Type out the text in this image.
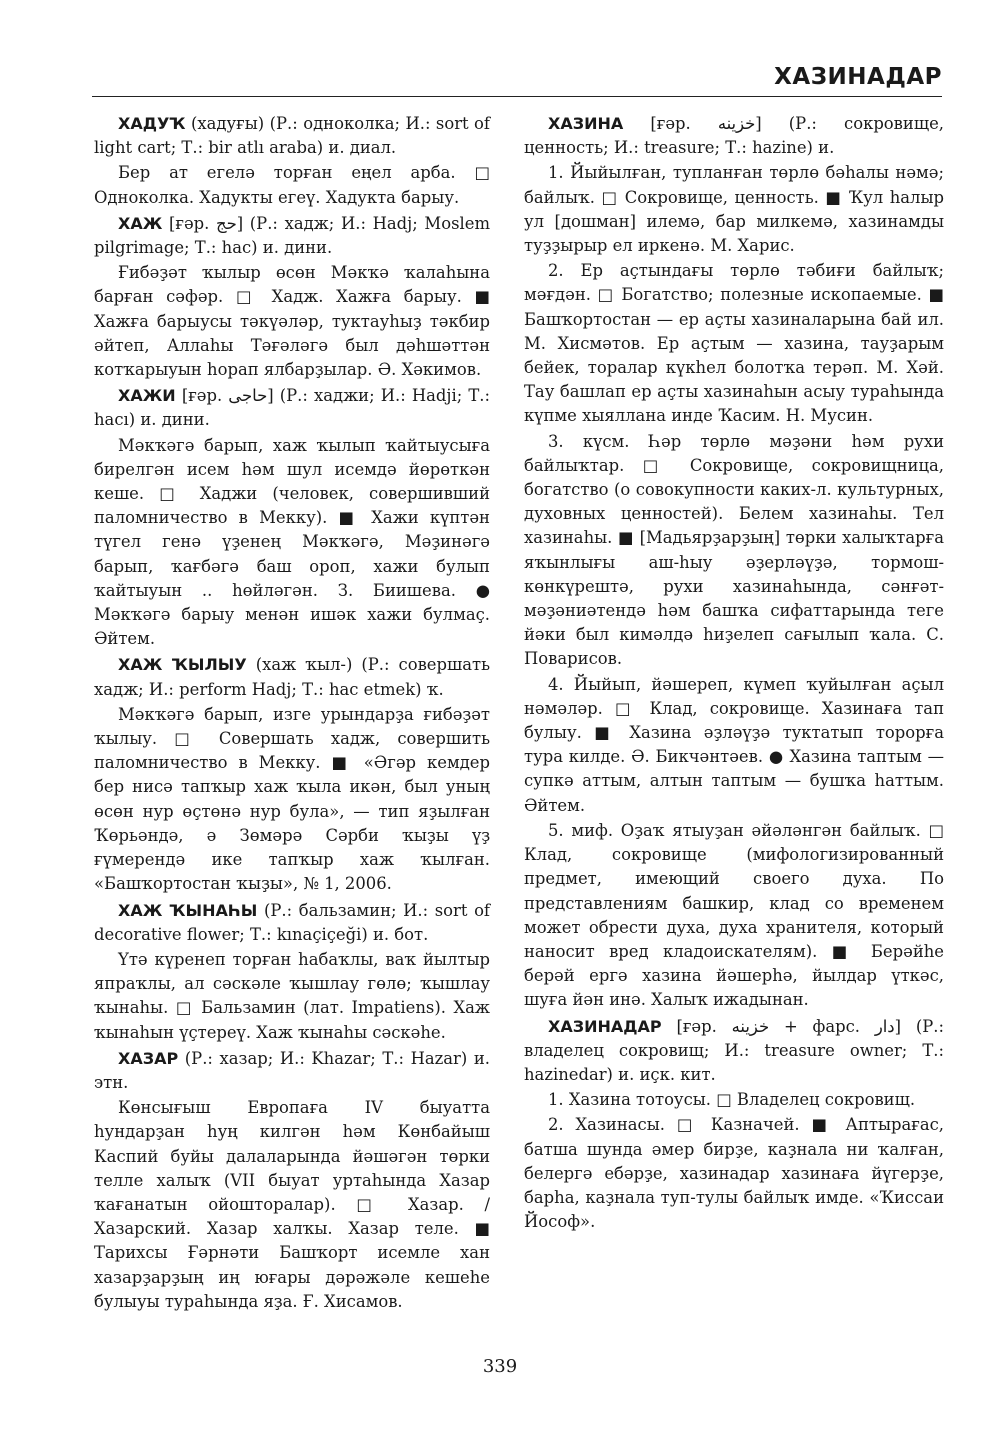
ХАЗИНАДАР

ХАДУҠ (хадуғы) (Р.: одноколка; И.: sort of light cart; Т.: bir atlı araba) и. диал.

Бер ат егелә торған еңел арба. □ Одноколка. Хадукты егеү. Хадукта барыу.

ХАЖ [ғәр. حج] (Р.: хадж; И.: Hadj; Moslem pilgrimage; Т.: hac) и. дини.

Ғибәҙәт ҡылыр өсөн Мәкҡә ҡалаһына барған сәфәр. □ Хадж. Хажға барыу. ■ Хажға барыусы тәкүәләр, туктауһыҙ тәкбир әйтеп, Аллаһы Тәғәләгә был дәһшәттән котҡарыуын һорап ялбарҙылар. Ә. Хәкимов.

ХАЖИ [ғәр. حاجی] (Р.: хаджи; И.: Hadji; Т.: hacı) и. дини.

Мәкҡәгә барып, хаж ҡылып ҡайтыусыға бирелгән исем һәм шул исемдә йөрөткән кеше. □ Хаджи (человек, совершивший паломничество в Мекку). ■ Хажи күптән түгел генә үҙенең Мәкҡәгә, Мәҙинәгә барып, ҡағбәгә баш ороп, хажи булып ҡайтыуын .. һөйләгән. З. Биишева. ● Мәкҡәгә барыу менән ишәк хажи булмаҫ. Әйтем.

ХАЖ ҠЫЛЫУ (хаж ҡыл-) (Р.: совершать хадж; И.: perform Hadj; Т.: hac etmek) ҡ.

Мәкҡәгә барып, изге урындарҙа ғибәҙәт ҡылыу. □ Совершать хадж, совершить паломничество в Мекку. ■ «Әгәр кемдер бер нисә тапҡыр хаж ҡыла икән, был уның өсөн нур өҫтөнә нур була», — тип яҙылған Ҡөрьәндә, ә Зөмәрә Сәрби ҡыҙы үҙ ғүмерендә ике тапҡыр хаж ҡылған. «Башҡортостан ҡыҙы», № 1, 2006.

ХАЖ ҠЫНАҺЫ (Р.: бальзамин; И.: sort of decorative flower; Т.: kınaçiçeği) и. бот.

Үтә күренеп торған һабаҡлы, ваҡ йылтыр япраҡлы, ал сәскәле ҡышлау гөлө; ҡышлау ҡынаһы. □ Бальзамин (лат. Impatiens). Хаж ҡынаһын үҫтереү. Хаж ҡынаһы сәскәһе.

ХАЗАР (Р.: хазар; И.: Khazar; Т.: Hazar) и. этн.

Көнсығыш Европаға IV быуатта һундарҙан һуң килгән һәм Көнбайыш Каспий буйы далаларында йәшәгән төрки телле халыҡ (VII быуат уртаһында Хазар ҡағанатын ойошторалар). □ Хазар. / Хазарский. Хазар халҡы. Хазар теле. ■ Тарихсы Ғәрнәти Башҡорт исемле хан хазарҙарҙың иң юғары дәрәжәле кешеһе булыуы тураһында яҙа. Ғ. Хисамов.

ХАЗИНА [ғәр. خزينه] (Р.: сокровище, ценность; И.: treasure; Т.: hazine) и.

1. Йыйылған, тупланған төрлө бәһалы нәмә; байлыҡ. □ Сокровище, ценность. ■ Ҡул һалыр ул [дошман] илемә, бар милкемә, хазинамды туҙҙырыр ел иркенә. М. Харис.

2. Ер аҫтындағы төрлө тәбиғи байлыҡ; мәғдән. □ Богатство; полезные ископаемые. ■ Башҡортостан — ер аҫты хазиналарына бай ил. М. Хисмәтов. Ер аҫтым — хазина, тауҙарым бейек, торалар күкһел болотҡа терәп. М. Хәй. Тау башлап ер аҫты хазинаһын асыу тураһында күпме хыялланa инде Ҡасим. Н. Мусин.

3. күсм. Һәр төрлө мәҙәни һәм рухи байлыҡтар. □ Сокровище, сокровищница, богатство (о совокупности каких-л. культурных, духовных ценностей). Белем хазинаһы. Тел хазинаһы. ■ [Мадьярҙарҙың] төрки халыҡтарға яҡынлығы аш-һыу әҙерләүҙә, тормош-көнкүрештә, рухи хазинаһында, сәнғәт-мәҙәниәтендә һәм башҡа сифаттарында теге йәки был кимәлдә һиҙелеп сағылып ҡала. С. Поварисов.

4. Йыйып, йәшереп, күмеп ҡуйылған аҫыл нәмәләр. □ Клад, сокровище. Хазинаға тап булыу. ■ Хазина әҙләүҙә туктатып торорға тура килдe. Ә. Бикчәнтәев. ● Хазина таптым — супкә аттым, алтын таптым — бушҡа һаттым. Әйтем.

5. миф. Оҙаҡ ятыуҙан әйәләнгән байлыҡ. □ Клад, сокровище (мифологизированный предмет, имеющий своего духа. По представлениям башкир, клад со временем может обрести духа, духа хранителя, который наносит вред кладоискателям). ■ Берәйһе берәй ергә хазина йәшерһә, йылдар үткәс, шуға йән инә. Халыҡ ижадынан.

ХАЗИНАДАР [ғәр. خزينه + фарс. دار] (Р.: владелец сокровищ; И.: treasure owner; Т.: hazinedar) и. иҫк. кит.

1. Хазина тотоусы. □ Владелец сокровищ.

2. Хазинасы. □ Казначей. ■ Аптырағас, батша шунда әмер бирҙе, каҙнала ни ҡалған, белергә ебәрҙе, хазинадар хазинаға йүгерҙе, барһа, каҙнала туп-тулы байлыҡ имде. «Ҡиссаи Йософ».

339
